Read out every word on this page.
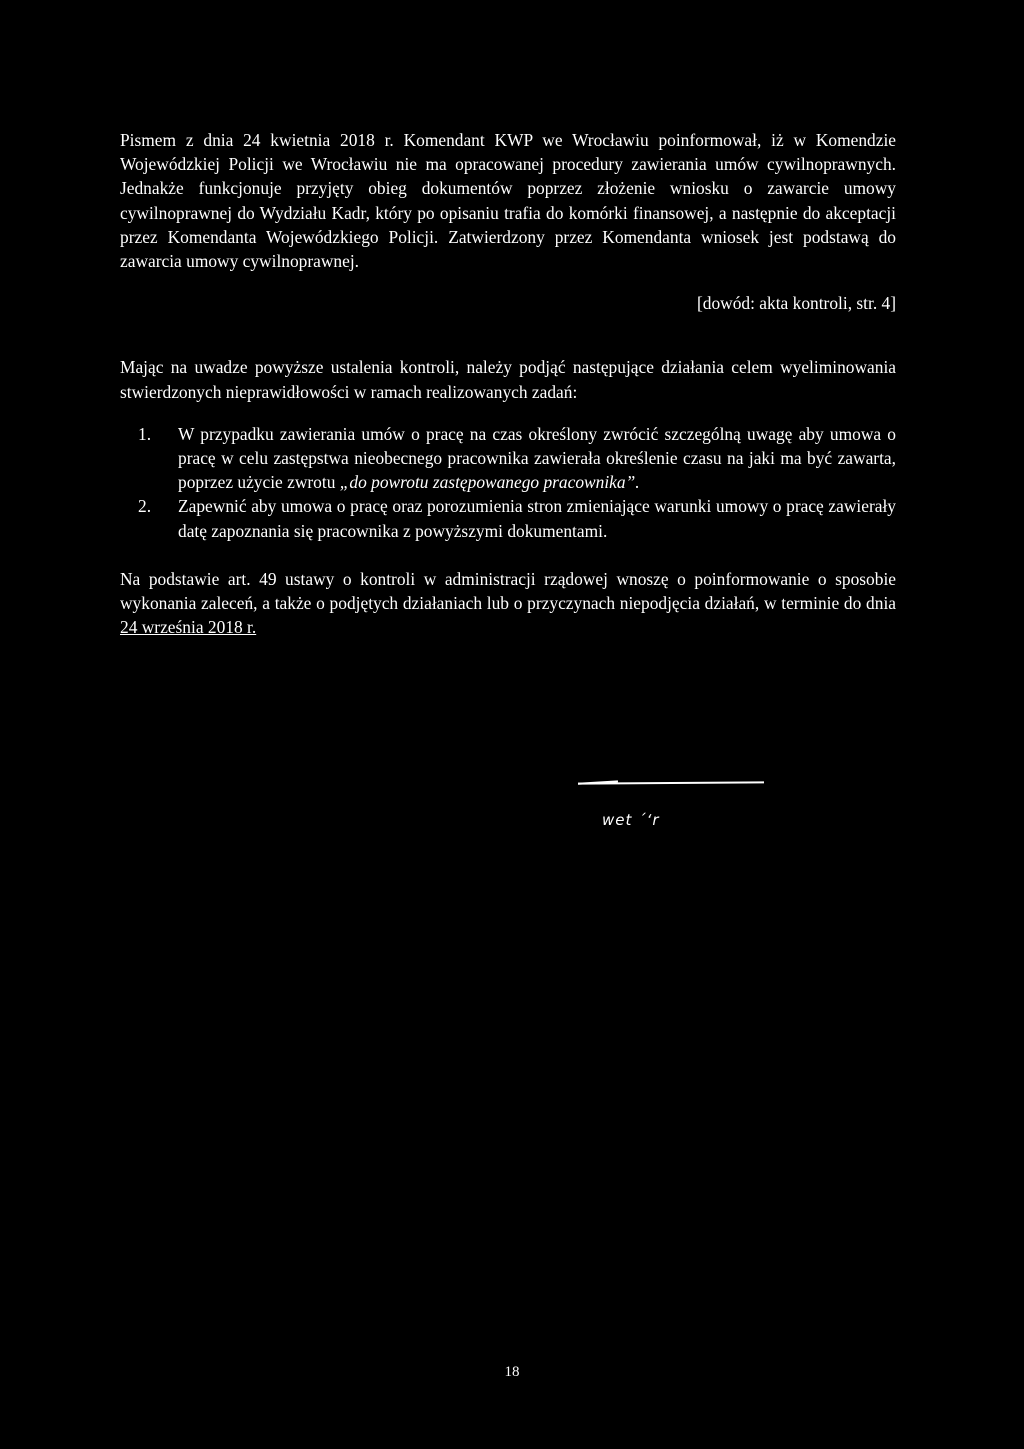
Pismem z dnia 24 kwietnia 2018 r. Komendant KWP we Wrocławiu poinformował, iż w Komendzie Wojewódzkiej Policji we Wrocławiu nie ma opracowanej procedury zawierania umów cywilnoprawnych. Jednakże funkcjonuje przyjęty obieg dokumentów poprzez złożenie wniosku o zawarcie umowy cywilnoprawnej do Wydziału Kadr, który po opisaniu trafia do komórki finansowej, a następnie do akceptacji przez Komendanta Wojewódzkiego Policji. Zatwierdzony przez Komendanta wniosek jest podstawą do zawarcia umowy cywilnoprawnej.

[dowód: akta kontroli, str. 4]

Mając na uwadze powyższe ustalenia kontroli, należy podjąć następujące działania celem wyeliminowania stwierdzonych nieprawidłowości w ramach realizowanych zadań:

1. W przypadku zawierania umów o pracę na czas określony zwrócić szczególną uwagę aby umowa o pracę w celu zastępstwa nieobecnego pracownika zawierała określenie czasu na jaki ma być zawarta, poprzez użycie zwrotu „do powrotu zastępowanego pracownika”.
2. Zapewnić aby umowa o pracę oraz porozumienia stron zmieniające warunki umowy o pracę zawierały datę zapoznania się pracownika z powyższymi dokumentami.

Na podstawie art. 49 ustawy o kontroli w administracji rządowej wnoszę o poinformowanie o sposobie wykonania zaleceń, a także o podjętych działaniach lub o przyczynach niepodjęcia działań, w terminie do dnia 24 września 2018 r.

wet ´‘r
18
